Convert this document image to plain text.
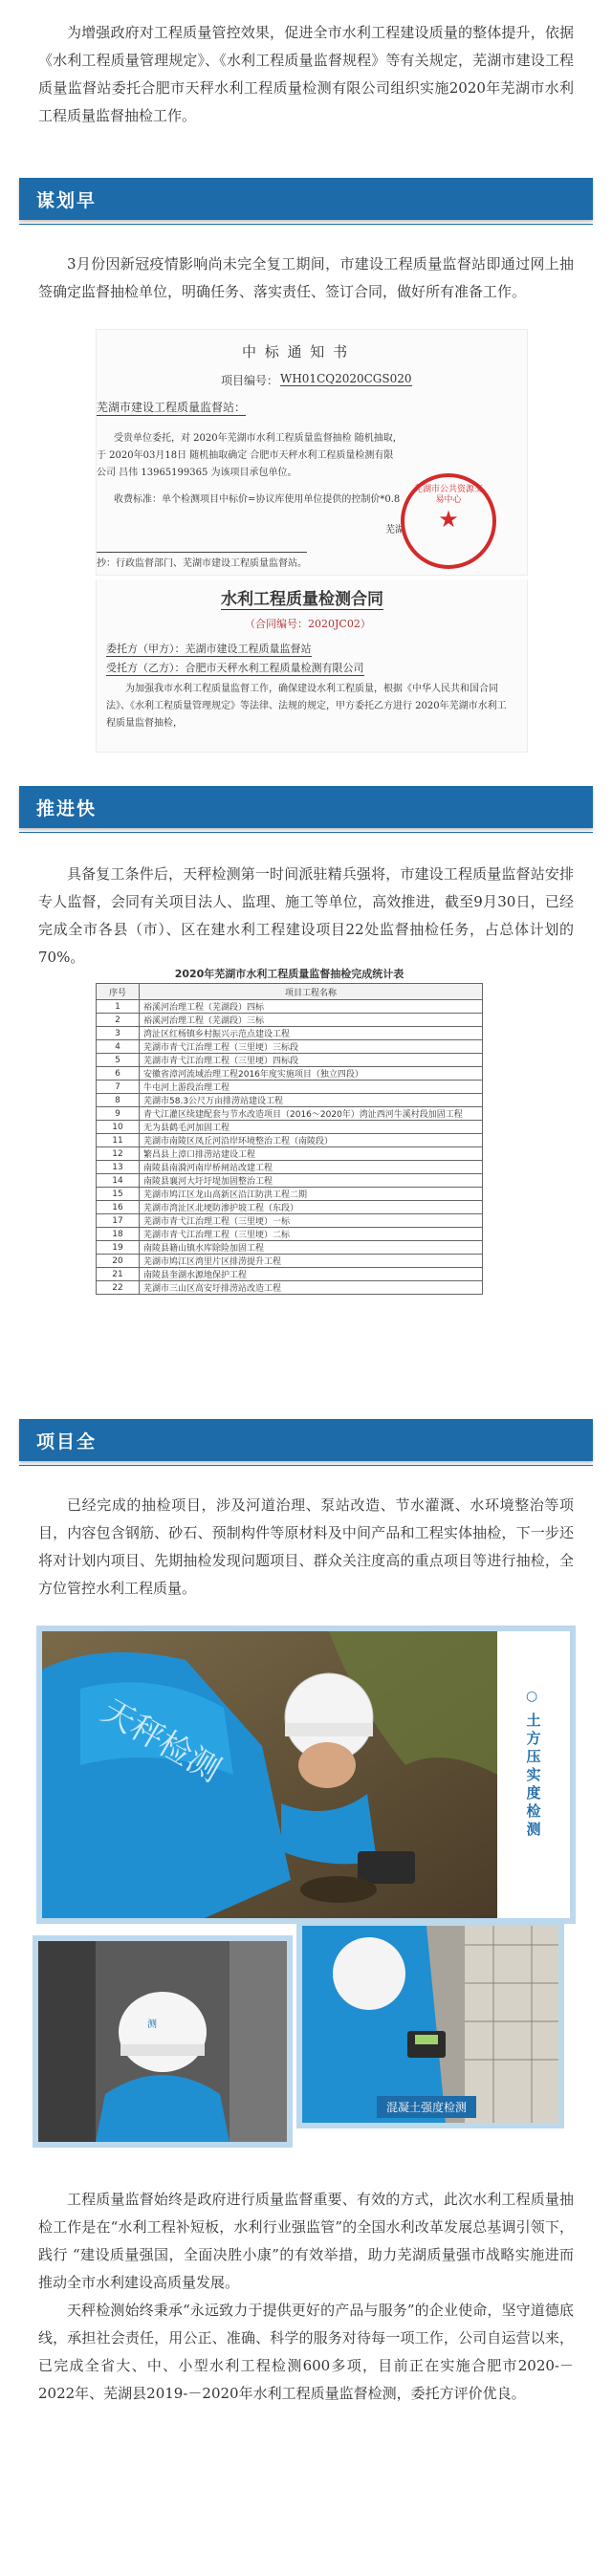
为增强政府对工程质量管控效果，促进全市水利工程建设质量的整体提升，依据《水利工程质量管理规定》、《水利工程质量监督规程》等有关规定，芜湖市建设工程质量监督站委托合肥市天秤水利工程质量检测有限公司组织实施2020年芜湖市水利工程质量监督抽检工作。

谋划早

3月份因新冠疫情影响尚未完全复工期间，市建设工程质量监督站即通过网上抽签确定监督抽检单位，明确任务、落实责任、签订合同，做好所有准备工作。

中 标 通 知 书
项目编号： WH01CQ2020CGS020
芜湖市建设工程质量监督站：
受贵单位委托，对 2020年芜湖市水利工程质量监督抽检 随机抽取，
于 2020年03月18日 随机抽取确定 合肥市天秤水利工程质量检测有限
公司 吕伟 13965199365 为该项目承包单位。
收费标准：单个检测项目中标价=协议库使用单位提供的控制价*0.8
芜湖
抄：行政监督部门、芜湖市建设工程质量监督站。
芜湖市公共资源交易中心
★
水利工程质量检测合同
（合同编号：2020JC02）
委托方（甲方）：芜湖市建设工程质量监督站
受托方（乙方）：合肥市天秤水利工程质量检测有限公司
为加强我市水利工程质量监督工作，确保建设水利工程质量，根据《中华人民共和国合同法》、《水利工程质量管理规定》等法律、法规的规定，甲方委托乙方进行 2020年芜湖市水利工程质量监督抽检，
推进快

具备复工条件后，天秤检测第一时间派驻精兵强将，市建设工程质量监督站安排专人监督，会同有关项目法人、监理、施工等单位，高效推进，截至9月30日，已经完成全市各县（市）、区在建水利工程建设项目22处监督抽检任务，占总体计划的70%。

2020年芜湖市水利工程质量监督抽检完成统计表
序号	项目工程名称
1	裕溪河治理工程（芜湖段）四标
2	裕溪河治理工程（芜湖段）三标
3	湾沚区红杨镇乡村振兴示范点建设工程
4	芜湖市青弋江治理工程（三里埂）三标段
5	芜湖市青弋江治理工程（三里埂）四标段
6	安徽省漳河流域治理工程2016年度实施项目（独立四段）
7	牛屯河上游段治理工程
8	芜湖市58.3公尺万亩排涝站建设工程
9	青弋江灌区续建配套与节水改造项目（2016～2020年）湾沚西河牛溪村段加固工程
10	无为县鹤毛河加固工程
11	芜湖市南陵区凤丘河沿岸环境整治工程（南陵段）
12	繁昌县上漳口排涝站建设工程
13	南陵县南漪河南岸桥闸站改建工程
14	南陵县襄河大圩圩堤加固整治工程
15	芜湖市鸠江区龙山高新区沿江防洪工程二期
16	芜湖市湾沚区北埂防渗护坡工程（东段）
17	芜湖市青弋江治理工程（三里埂）一标
18	芜湖市青弋江治理工程（三里埂）二标
19	南陵县籍山镇水库除险加固工程
20	芜湖市鸠江区湾里片区排涝提升工程
21	南陵县奎湖水源地保护工程
22	芜湖市三山区高安圩排涝站改造工程
项目全

已经完成的抽检项目，涉及河道治理、泵站改造、节水灌溉、水环境整治等项目，内容包含钢筋、砂石、预制构件等原材料及中间产品和工程实体抽检，下一步还将对计划内项目、先期抽检发现问题项目、群众关注度高的重点项目等进行抽检，全方位管控水利工程质量。

天秤检测	○
土方压实度检测
测
混凝土强度检测

工程质量监督始终是政府进行质量监督重要、有效的方式，此次水利工程质量抽检工作是在“水利工程补短板，水利行业强监管”的全国水利改革发展总基调引领下，践行 “建设质量强国，全面决胜小康”的有效举措，助力芜湖质量强市战略实施进而推动全市水利建设高质量发展。

天秤检测始终秉承“永远致力于提供更好的产品与服务”的企业使命，坚守道德底线，承担社会责任，用公正、准确、科学的服务对待每一项工作，公司自运营以来，已完成全省大、中、小型水利工程检测600多项，目前正在实施合肥市2020-－2022年、芜湖县2019-－2020年水利工程质量监督检测，委托方评价优良。
